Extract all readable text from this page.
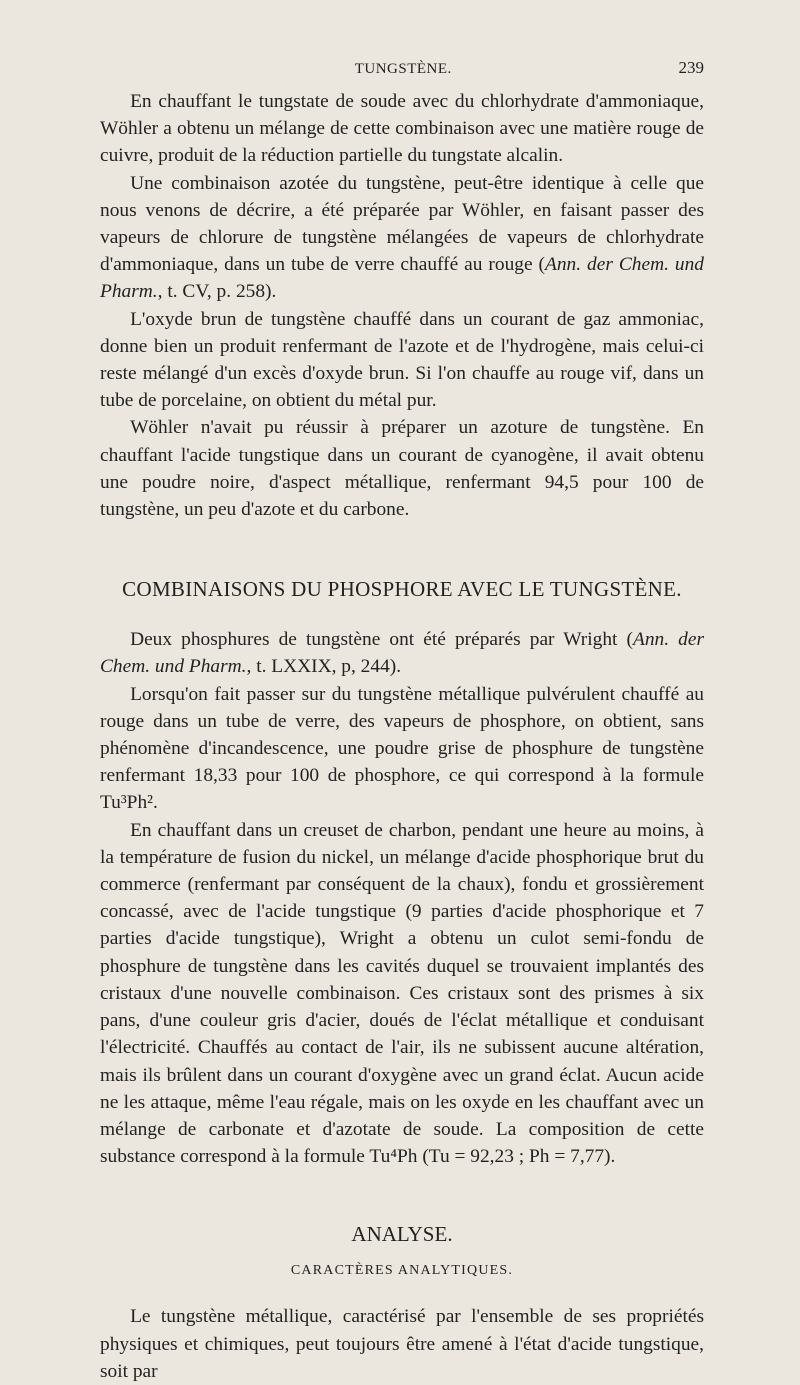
TUNGSTÈNE.	239

En chauffant le tungstate de soude avec du chlorhydrate d'ammoniaque, Wöhler a obtenu un mélange de cette combinaison avec une matière rouge de cuivre, produit de la réduction partielle du tungstate alcalin.

Une combinaison azotée du tungstène, peut-être identique à celle que nous venons de décrire, a été préparée par Wöhler, en faisant passer des vapeurs de chlorure de tungstène mélangées de vapeurs de chlorhydrate d'ammoniaque, dans un tube de verre chauffé au rouge (Ann. der Chem. und Pharm., t. CV, p. 258).

L'oxyde brun de tungstène chauffé dans un courant de gaz ammoniac, donne bien un produit renfermant de l'azote et de l'hydrogène, mais celui-ci reste mélangé d'un excès d'oxyde brun. Si l'on chauffe au rouge vif, dans un tube de porcelaine, on obtient du métal pur.

Wöhler n'avait pu réussir à préparer un azoture de tungstène. En chauffant l'acide tungstique dans un courant de cyanogène, il avait obtenu une poudre noire, d'aspect métallique, renfermant 94,5 pour 100 de tungstène, un peu d'azote et du carbone.

COMBINAISONS DU PHOSPHORE AVEC LE TUNGSTÈNE.

Deux phosphures de tungstène ont été préparés par Wright (Ann. der Chem. und Pharm., t. LXXIX, p, 244).

Lorsqu'on fait passer sur du tungstène métallique pulvérulent chauffé au rouge dans un tube de verre, des vapeurs de phosphore, on obtient, sans phénomène d'incandescence, une poudre grise de phosphure de tungstène renfermant 18,33 pour 100 de phosphore, ce qui correspond à la formule Tu³Ph².

En chauffant dans un creuset de charbon, pendant une heure au moins, à la température de fusion du nickel, un mélange d'acide phosphorique brut du commerce (renfermant par conséquent de la chaux), fondu et grossièrement concassé, avec de l'acide tungstique (9 parties d'acide phosphorique et 7 parties d'acide tungstique), Wright a obtenu un culot semi-fondu de phosphure de tungstène dans les cavités duquel se trouvaient implantés des cristaux d'une nouvelle combinaison. Ces cristaux sont des prismes à six pans, d'une couleur gris d'acier, doués de l'éclat métallique et conduisant l'électricité. Chauffés au contact de l'air, ils ne subissent aucune altération, mais ils brûlent dans un courant d'oxygène avec un grand éclat. Aucun acide ne les attaque, même l'eau régale, mais on les oxyde en les chauffant avec un mélange de carbonate et d'azotate de soude. La composition de cette substance correspond à la formule Tu⁴Ph (Tu = 92,23 ; Ph = 7,77).

ANALYSE.
CARACTÈRES ANALYTIQUES.

Le tungstène métallique, caractérisé par l'ensemble de ses propriétés physiques et chimiques, peut toujours être amené à l'état d'acide tungstique, soit par
